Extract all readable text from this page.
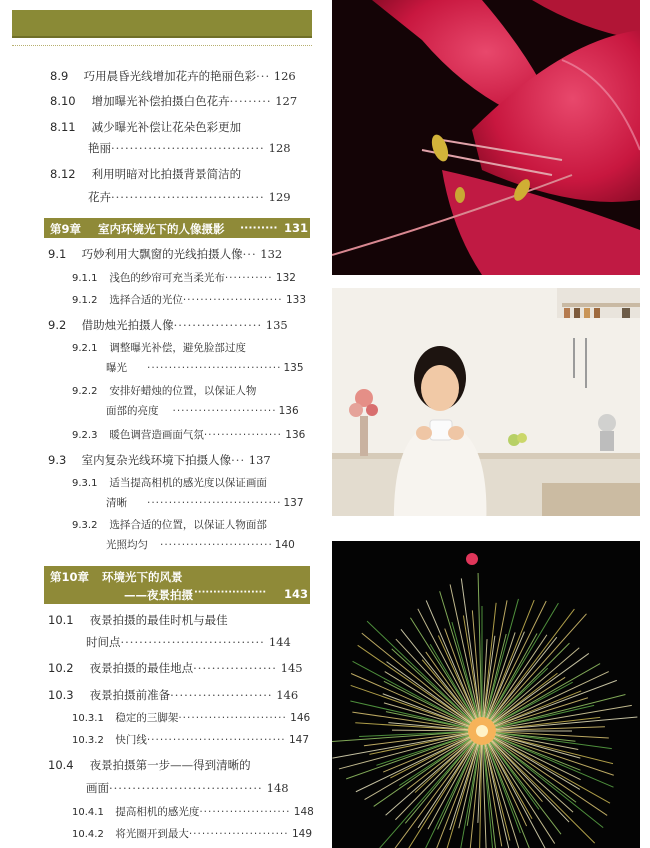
8.9 巧用晨昏光线增加花卉的艳丽色彩··· 126
8.10 增加曝光补偿拍摄白色花卉········· 127
8.11 减少曝光补偿让花朵色彩更加
艳丽································· 128
8.12 利用明暗对比拍摄背景简洁的
花卉································· 129
第9章 室内环境光下的人像摄影 ········· 131
9.1 巧妙利用大飘窗的光线拍摄人像··· 132
9.1.1 浅色的纱帘可充当柔光布··········· 132
9.1.2 选择合适的光位······················· 133
9.2 借助烛光拍摄人像··················· 135
9.2.1 调整曝光补偿，避免脸部过度
曝光 ······························· 135
9.2.2 安排好蜡烛的位置，以保证人物
面部的亮度 ························ 136
9.2.3 暖色调营造画面气氛·················· 136
9.3 室内复杂光线环境下拍摄人像··· 137
9.3.1 适当提高相机的感光度以保证画面
清晰 ······························· 137
9.3.2 选择合适的位置，以保证人物面部
光照均匀 ·························· 140
第10章 环境光下的风景
——夜景拍摄 ··················· 143
10.1 夜景拍摄的最佳时机与最佳
时间点······························· 144
10.2 夜景拍摄的最佳地点·················· 145
10.3 夜景拍摄前准备······················ 146
10.3.1 稳定的三脚架························· 146
10.3.2 快门线································ 147
10.4 夜景拍摄第一步——得到清晰的
画面································· 148
10.4.1 提高相机的感光度····················· 148
10.4.2 将光圈开到最大······················· 149
